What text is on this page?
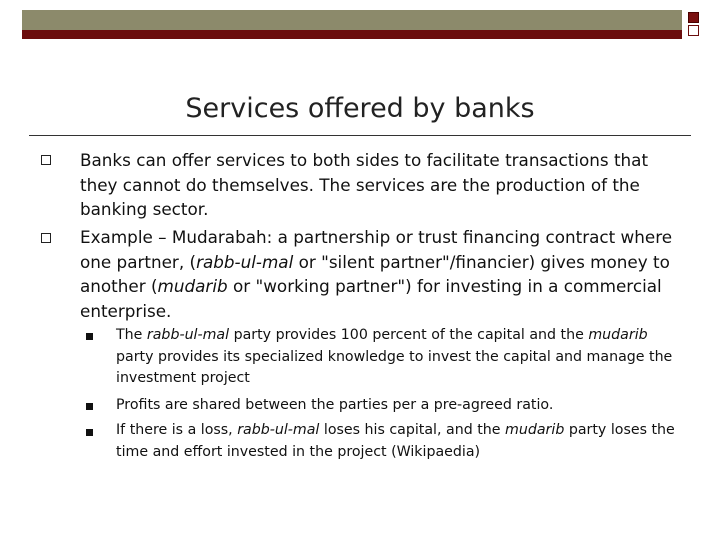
Services offered by banks
Banks can offer services to both sides to facilitate transactions that they cannot do themselves. The services are the production of the banking sector.
Example – Mudarabah: a partnership or trust financing contract where one partner, (rabb-ul-mal or "silent partner"/financier) gives money to another (mudarib or "working partner") for investing in a commercial enterprise.
The rabb-ul-mal party provides 100 percent of the capital and the mudarib party provides its specialized knowledge to invest the capital and manage the investment project
Profits are shared between the parties per a pre-agreed ratio.
If there is a loss, rabb-ul-mal loses his capital, and the mudarib party loses the time and effort invested in the project (Wikipaedia)
